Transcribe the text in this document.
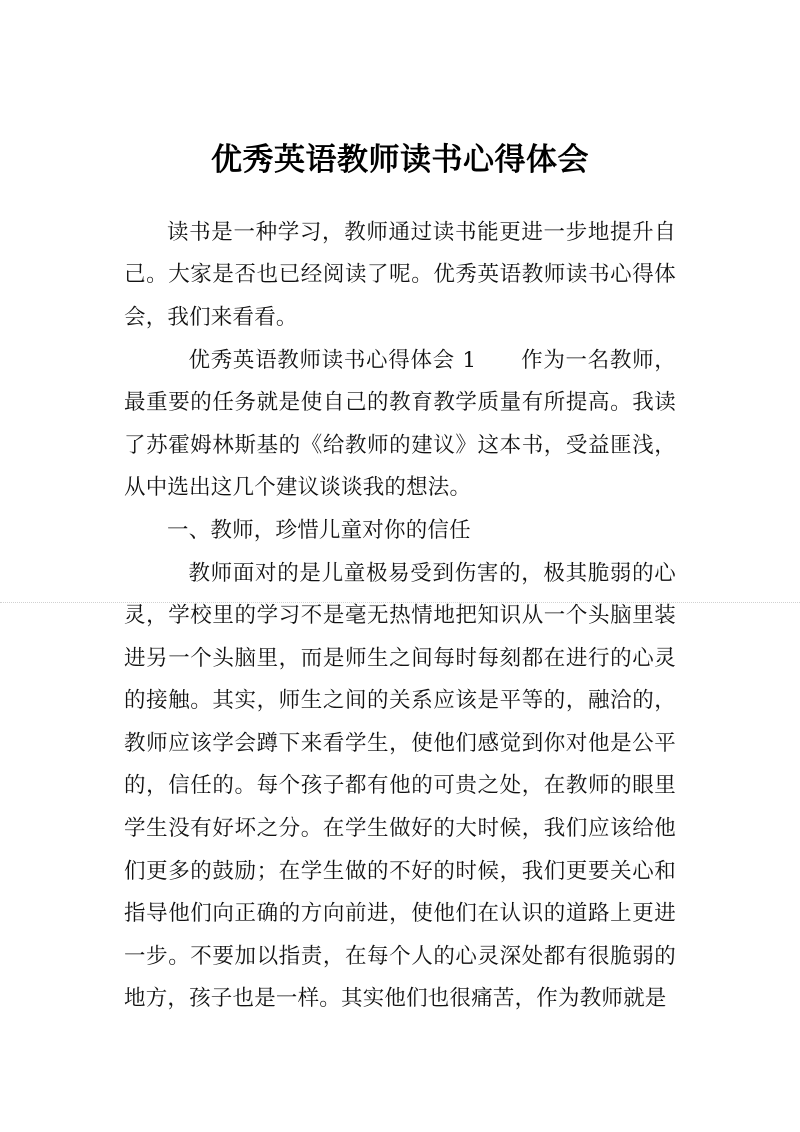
优秀英语教师读书心得体会

读书是一种学习，教师通过读书能更进一步地提升自己。大家是否也已经阅读了呢。优秀英语教师读书心得体会，我们来看看。

优秀英语教师读书心得体会 1　　作为一名教师，最重要的任务就是使自己的教育教学质量有所提高。我读了苏霍姆林斯基的《给教师的建议》这本书，受益匪浅，从中选出这几个建议谈谈我的想法。

一、教师，珍惜儿童对你的信任

教师面对的是儿童极易受到伤害的，极其脆弱的心灵，学校里的学习不是毫无热情地把知识从一个头脑里装进另一个头脑里，而是师生之间每时每刻都在进行的心灵的接触。其实，师生之间的关系应该是平等的，融洽的，教师应该学会蹲下来看学生，使他们感觉到你对他是公平的，信任的。每个孩子都有他的可贵之处，在教师的眼里学生没有好坏之分。在学生做好的大时候，我们应该给他们更多的鼓励；在学生做的不好的时候，我们更要关心和指导他们向正确的方向前进，使他们在认识的道路上更进一步。不要加以指责，在每个人的心灵深处都有很脆弱的地方，孩子也是一样。其实他们也很痛苦，作为教师就是
